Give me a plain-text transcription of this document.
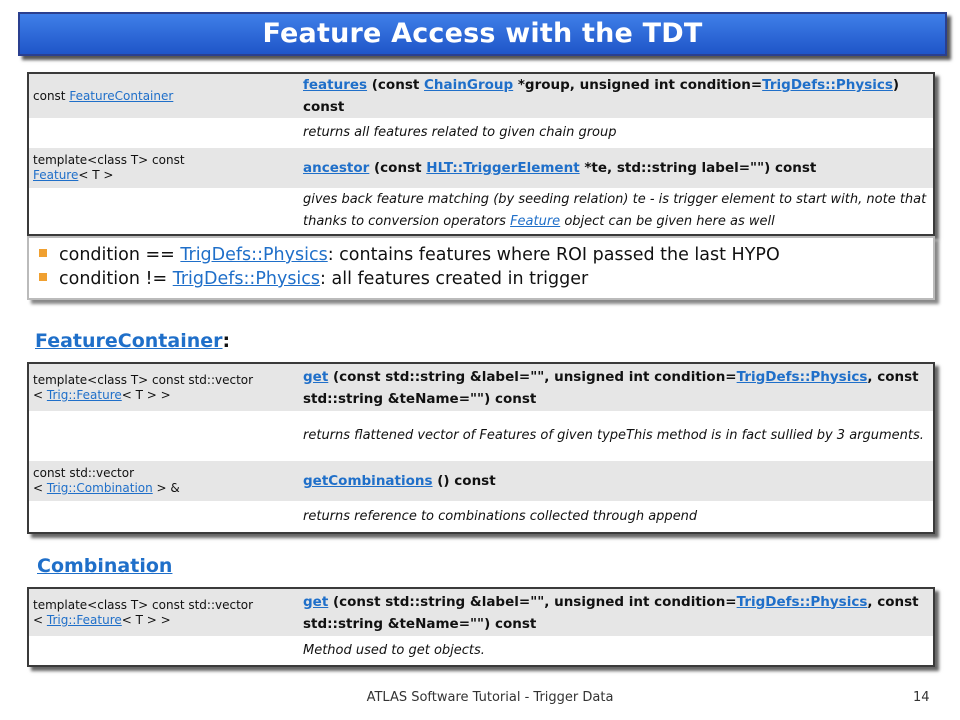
Feature Access with the TDT
const FeatureContainer	features (const ChainGroup *group, unsigned int condition=TrigDefs::Physics) const
	returns all features related to given chain group
template<class T> const
Feature< T >	ancestor (const HLT::TriggerElement *te, std::string label="") const
	gives back feature matching (by seeding relation) te - is trigger element to start with, note that thanks to conversion operators Feature object can be given here as well
condition == TrigDefs::Physics: contains features where ROI passed the last HYPO
condition != TrigDefs::Physics: all features created in trigger
FeatureContainer:
template<class T> const std::vector
< Trig::Feature< T > >	get (const std::string &label="", unsigned int condition=TrigDefs::Physics, const std::string &teName="") const
	returns flattened vector of Features of given typeThis method is in fact sullied by 3 arguments.
const std::vector
< Trig::Combination > &	getCombinations () const
	returns reference to combinations collected through append
Combination
template<class T> const std::vector
< Trig::Feature< T > >	get (const std::string &label="", unsigned int condition=TrigDefs::Physics, const std::string &teName="") const
	Method used to get objects.
ATLAS Software Tutorial - Trigger Data	14
